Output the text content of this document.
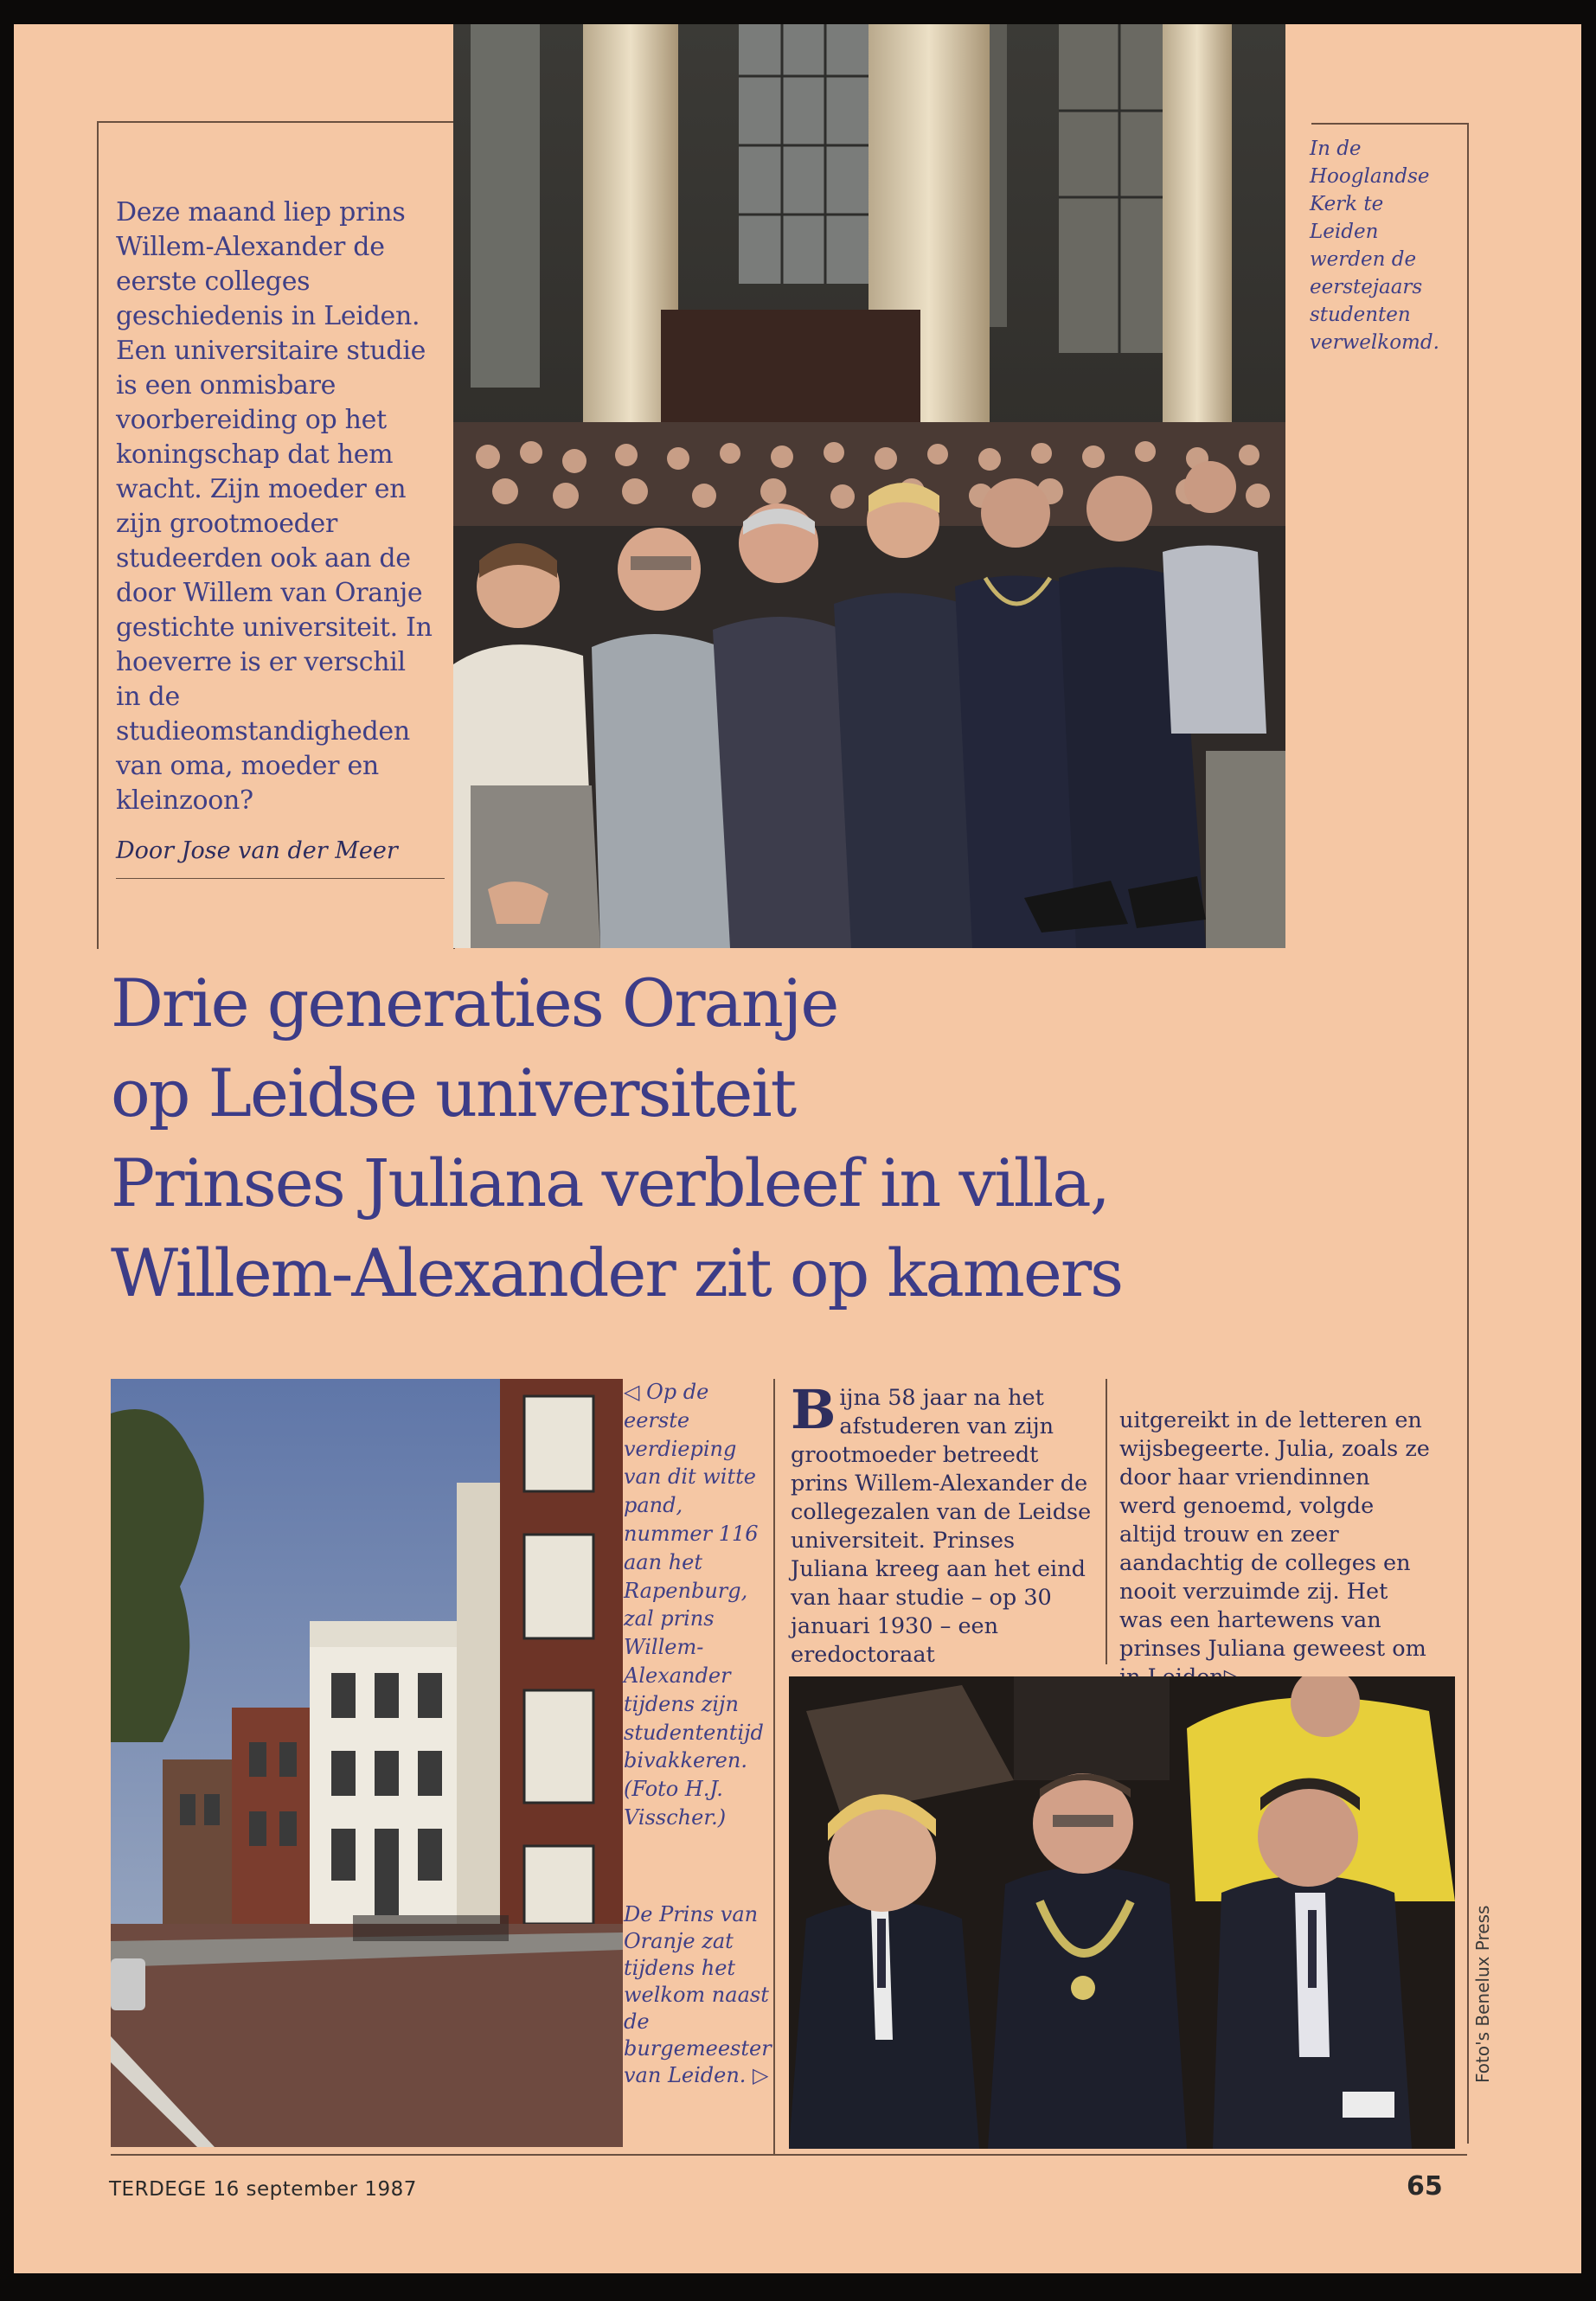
Deze maand liep prins Willem-Alexander de eerste colleges geschiedenis in Leiden. Een universitaire studie is een onmisbare voorbereiding op het koningschap dat hem wacht. Zijn moeder en zijn grootmoeder studeerden ook aan de door Willem van Oranje gestichte universiteit. In hoeverre is er verschil in de studieomstandigheden van oma, moeder en kleinzoon?
Door Jose van der Meer
In de Hooglandse Kerk te Leiden werden de eerstejaars studenten verwelkomd.
Drie generaties Oranje
op Leidse universiteit
Prinses Juliana verbleef in villa,
Willem-Alexander zit op kamers
◁ Op de eerste verdieping van dit witte pand, nummer 116 aan het Rapenburg, zal prins Willem-Alexander tijdens zijn studententijd bivakkeren. (Foto H.J. Visscher.)
De Prins van Oranje zat tijdens het welkom naast de burgemeester van Leiden. ▷
Bijna 58 jaar na het afstuderen van zijn grootmoeder betreedt prins Willem-Alexander de collegezalen van de Leidse universiteit. Prinses Juliana kreeg aan het eind van haar studie – op 30 januari 1930 – een eredoctoraat
uitgereikt in de letteren en wijsbegeerte. Julia, zoals ze door haar vriendinnen werd genoemd, volgde altijd trouw en zeer aandachtig de colleges en nooit verzuimde zij. Het was een hartewens van prinses Juliana geweest om
Foto's Benelux Press
TERDEGE 16 september 1987	65
